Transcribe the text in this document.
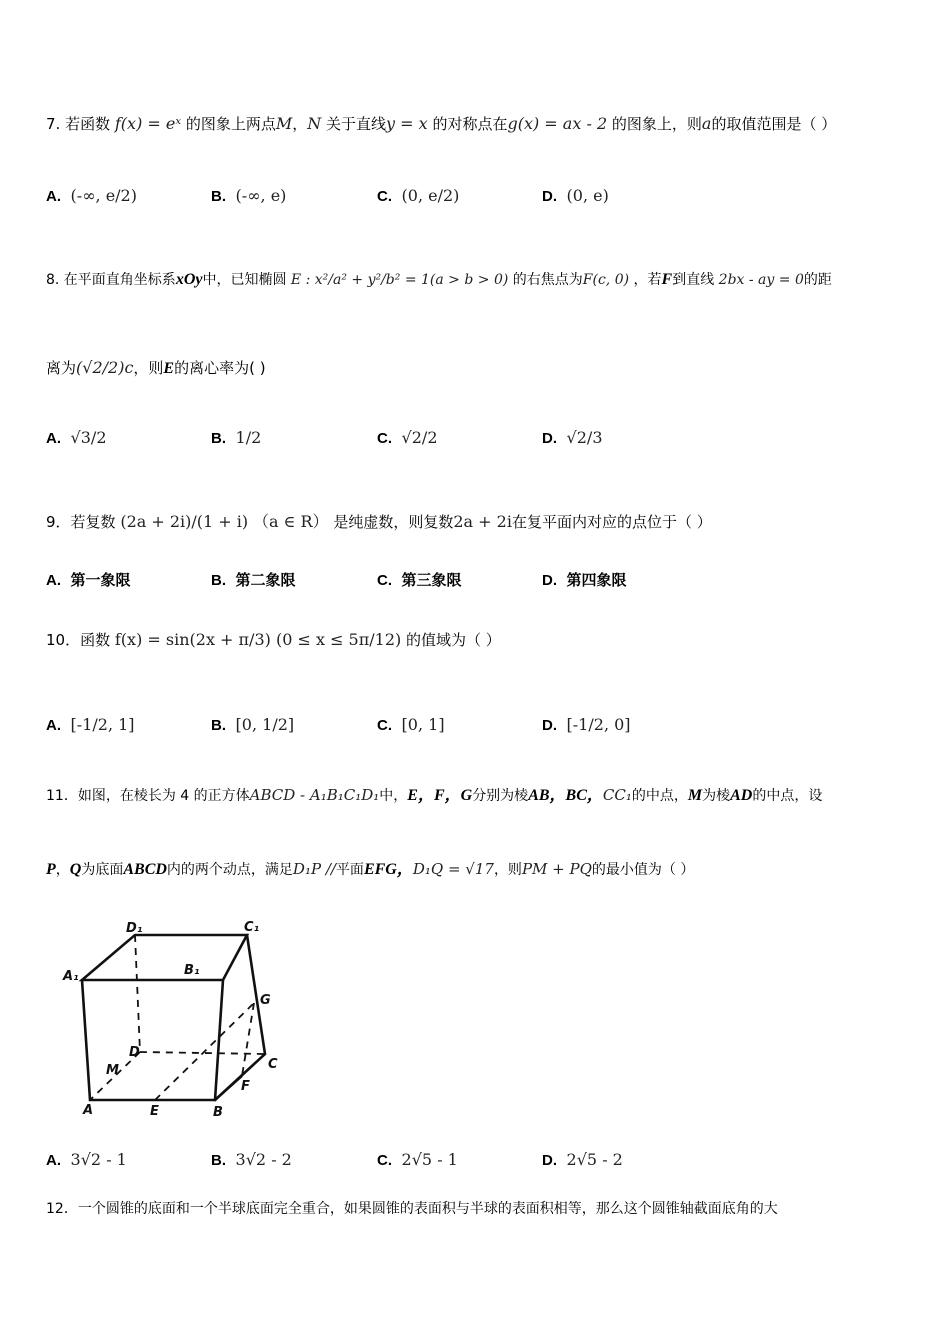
7. 若函数 f(x) = eˣ 的图象上两点M，N 关于直线y = x 的对称点在g(x) = ax - 2 的图象上，则a的取值范围是（ ）
A. (-∞, e/2)	B. (-∞, e)	C. (0, e/2)	D. (0, e)
8. 在平面直角坐标系xOy中，已知椭圆 E : x²/a² + y²/b² = 1(a > b > 0) 的右焦点为F(c, 0) ，若F到直线 2bx - ay = 0的距
离为(√2/2)c，则E的离心率为( )
A. √3/2	B. 1/2	C. √2/2	D. √2/3
9．若复数 (2a + 2i)/(1 + i) （a ∈ R） 是纯虚数，则复数2a + 2i在复平面内对应的点位于（ ）
A. 第一象限	B. 第二象限	C. 第三象限	D. 第四象限
10．函数 f(x) = sin(2x + π/3) (0 ≤ x ≤ 5π/12) 的值域为（ ）
A. [-1/2, 1]	B. [0, 1/2]	C. [0, 1]	D. [-1/2, 0]
11．如图，在棱长为 4 的正方体ABCD - A₁B₁C₁D₁中，E，F，G分别为棱AB，BC，CC₁的中点，M为棱AD的中点，设
P，Q为底面ABCD内的两个动点，满足D₁P //平面EFG，D₁Q = √17，则PM + PQ的最小值为（ ）
D₁	C₁
A₁	B₁
G
D
C
M
F
A	E	B
A. 3√2 - 1	B. 3√2 - 2	C. 2√5 - 1	D. 2√5 - 2
12．一个圆锥的底面和一个半球底面完全重合，如果圆锥的表面积与半球的表面积相等，那么这个圆锥轴截面底角的大
